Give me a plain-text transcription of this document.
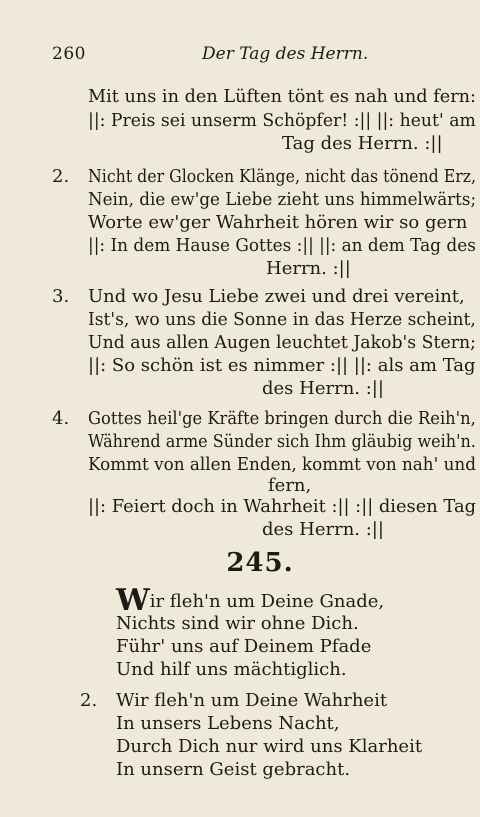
260	Der Tag des Herrn.
Mit uns in den Lüften tönt es nah und fern:
||: Preis sei unserm Schöpfer! :|| ||: heut' am
Tag des Herrn. :||
2. Nicht der Glocken Klänge, nicht das tönend Erz,
Nein, die ew'ge Liebe zieht uns himmelwärts;
Worte ew'ger Wahrheit hören wir so gern
||: In dem Hause Gottes :|| ||: an dem Tag des
Herrn. :||
3. Und wo Jesu Liebe zwei und drei vereint,
Ist's, wo uns die Sonne in das Herze scheint,
Und aus allen Augen leuchtet Jakob's Stern;
||: So schön ist es nimmer :|| ||: als am Tag
des Herrn. :||
4. Gottes heil'ge Kräfte bringen durch die Reih'n,
Während arme Sünder sich Ihm gläubig weih'n.
Kommt von allen Enden, kommt von nah' und
fern,
||: Feiert doch in Wahrheit :|| :|| diesen Tag
des Herrn. :||
245.
Wir fleh'n um Deine Gnade,
Nichts sind wir ohne Dich.
Führ' uns auf Deinem Pfade
Und hilf uns mächtiglich.
2. Wir fleh'n um Deine Wahrheit
In unsers Lebens Nacht,
Durch Dich nur wird uns Klarheit
In unsern Geist gebracht.
